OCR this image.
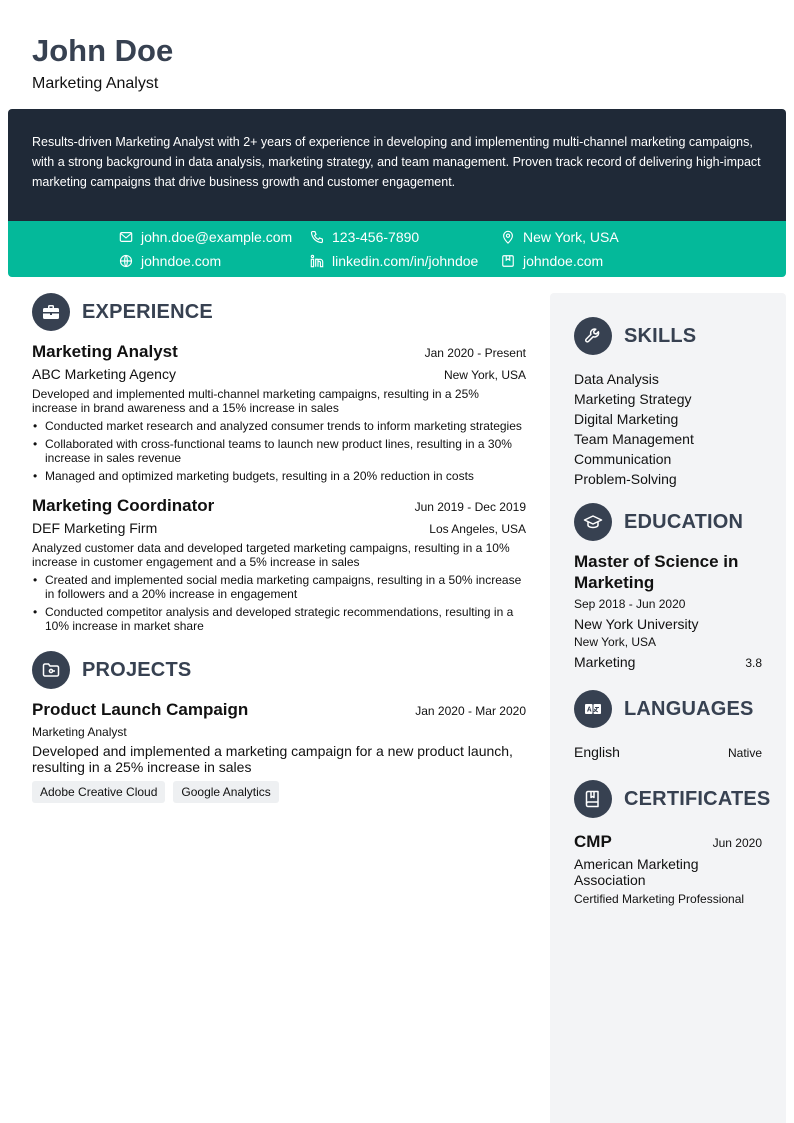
John Doe
Marketing Analyst

Results-driven Marketing Analyst with 2+ years of experience in developing and implementing multi-channel marketing campaigns, with a strong background in data analysis, marketing strategy, and team management. Proven track record of delivering high-impact marketing campaigns that drive business growth and customer engagement.

john.doe@example.com	123-456-7890	New York, USA
johndoe.com	linkedin.com/in/johndoe	johndoe.com
EXPERIENCE
Marketing Analyst	Jan 2020 - Present
ABC Marketing Agency	New York, USA
Developed and implemented multi-channel marketing campaigns, resulting in a 25% increase in brand awareness and a 15% increase in sales
• Conducted market research and analyzed consumer trends to inform marketing strategies
• Collaborated with cross-functional teams to launch new product lines, resulting in a 30% increase in sales revenue
• Managed and optimized marketing budgets, resulting in a 20% reduction in costs
Marketing Coordinator	Jun 2019 - Dec 2019
DEF Marketing Firm	Los Angeles, USA
Analyzed customer data and developed targeted marketing campaigns, resulting in a 10% increase in customer engagement and a 5% increase in sales
• Created and implemented social media marketing campaigns, resulting in a 50% increase in followers and a 20% increase in engagement
• Conducted competitor analysis and developed strategic recommendations, resulting in a 10% increase in market share
PROJECTS
Product Launch Campaign	Jan 2020 - Mar 2020
Marketing Analyst
Developed and implemented a marketing campaign for a new product launch, resulting in a 25% increase in sales
Adobe Creative Cloud	Google Analytics
SKILLS
Data Analysis
Marketing Strategy
Digital Marketing
Team Management
Communication
Problem-Solving
EDUCATION
Master of Science in Marketing
Sep 2018 - Jun 2020
New York University
New York, USA
Marketing	3.8
LANGUAGES
English	Native
CERTIFICATES
CMP	Jun 2020
American Marketing Association
Certified Marketing Professional
